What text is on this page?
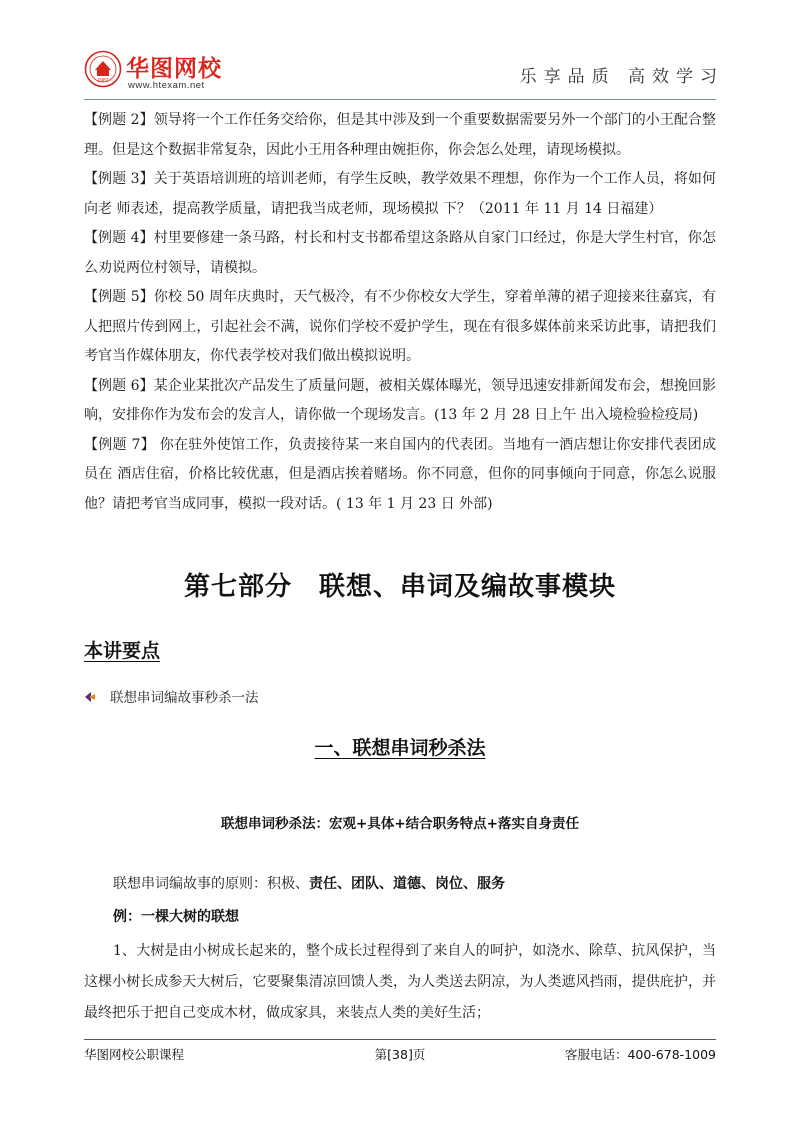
1987 华图网校
www.htexam.net	乐享品质 高效学习

【例题 2】领导将一个工作任务交给你，但是其中涉及到一个重要数据需要另外一个部门的小王配合整理。但是这个数据非常复杂，因此小王用各种理由婉拒你，你会怎么处理，请现场模拟。

【例题 3】关于英语培训班的培训老师，有学生反映，教学效果不理想，你作为一个工作人员，将如何向老 师表述，提高教学质量，请把我当成老师，现场模拟 下？（2011 年 11 月 14 日福建）

【例题 4】村里要修建一条马路，村长和村支书都希望这条路从自家门口经过，你是大学生村官，你怎么劝说两位村领导，请模拟。

【例题 5】你校 50 周年庆典时，天气极冷，有不少你校女大学生，穿着单薄的裙子迎接来往嘉宾，有人把照片传到网上，引起社会不满，说你们学校不爱护学生，现在有很多媒体前来采访此事，请把我们考官当作媒体朋友，你代表学校对我们做出模拟说明。

【例题 6】某企业某批次产品发生了质量问题，被相关媒体曝光，领导迅速安排新闻发布会，想挽回影响，安排你作为发布会的发言人，请你做一个现场发言。(13 年 2 月 28 日上午 出入境检验检疫局)

【例题 7】 你在驻外使馆工作，负责接待某一来自国内的代表团。当地有一酒店想让你安排代表团成员在 酒店住宿，价格比较优惠，但是酒店挨着赌场。你不同意，但你的同事倾向于同意，你怎么说服他？请把考官当成同事，模拟一段对话。( 13 年 1 月 23 日 外部)

第七部分　联想、串词及编故事模块
本讲要点
联想串词编故事秒杀一法
一、联想串词秒杀法
联想串词秒杀法：宏观+具体+结合职务特点+落实自身责任
联想串词编故事的原则：积极、责任、团队、道德、岗位、服务
例：一棵大树的联想

1、大树是由小树成长起来的，整个成长过程得到了来自人的呵护，如浇水、除草、抗风保护，当这棵小树长成参天大树后，它要聚集清凉回馈人类，为人类送去阴凉，为人类遮风挡雨，提供庇护，并最终把乐于把自己变成木材，做成家具，来装点人类的美好生活；

华图网校公职课程	第[38]页	客服电话：400-678-1009
